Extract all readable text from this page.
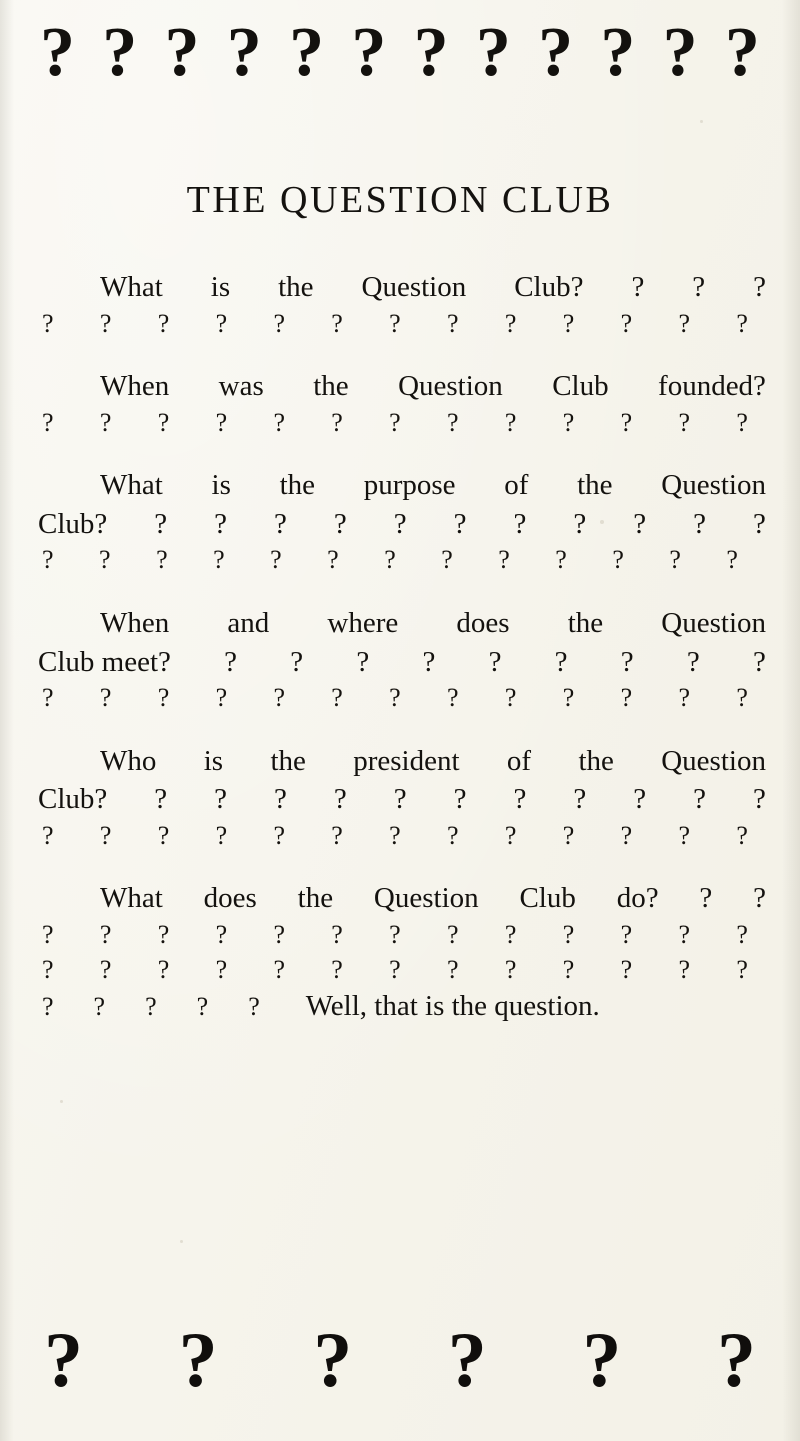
? ? ? ? ? ? ? ? ? ? ? ?
THE QUESTION CLUB
What is the Question Club? ? ? ?
? ? ? ? ? ? ? ? ? ? ? ? ?
When was the Question Club founded?
? ? ? ? ? ? ? ? ? ? ? ? ?
What is the purpose of the Question
Club? ? ? ? ? ? ? ? ? ? ? ?
? ? ? ? ? ? ? ? ? ? ? ? ?
When and where does the Question
Club meet? ? ? ? ? ? ? ? ? ?
? ? ? ? ? ? ? ? ? ? ? ? ?
Who is the president of the Question
Club? ? ? ? ? ? ? ? ? ? ? ?
? ? ? ? ? ? ? ? ? ? ? ? ?
What does the Question Club do? ? ?
? ? ? ? ? ? ? ? ? ? ? ? ?
? ? ? ? ? ? ? ? ? ? ? ? ?
? ? ? ? ? Well, that is the question.
? ? ? ? ? ?
